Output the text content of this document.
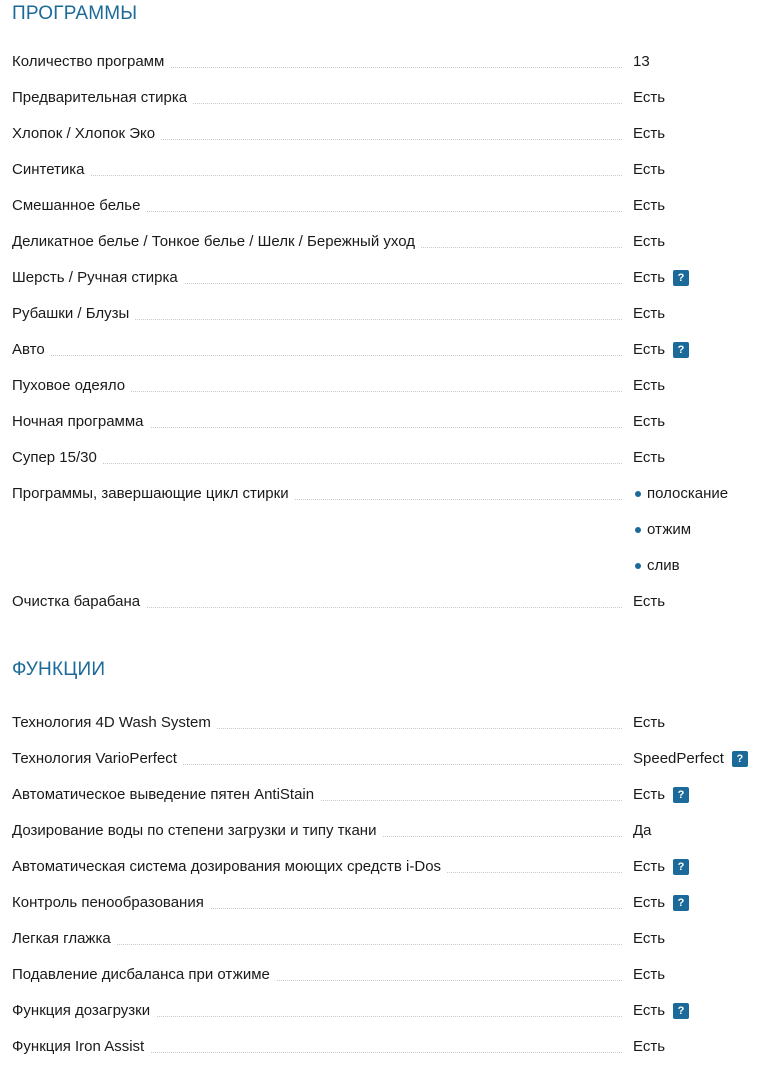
ПРОГРАММЫ
Количество программ	13
Предварительная стирка	Есть
Хлопок / Хлопок Эко	Есть
Синтетика	Есть
Смешанное белье	Есть
Деликатное белье / Тонкое белье / Шелк / Бережный уход	Есть
Шерсть / Ручная стирка	Есть	?
Рубашки / Блузы	Есть
Авто	Есть	?
Пуховое одеяло	Есть
Ночная программа	Есть
Супер 15/30	Есть
Программы, завершающие цикл стирки	полоскание
отжим
слив
Очистка барабана	Есть
ФУНКЦИИ
Технология 4D Wash System	Есть
Технология VarioPerfect	SpeedPerfect	?
Автоматическое выведение пятен AntiStain	Есть	?
Дозирование воды по степени загрузки и типу ткани	Да
Автоматическая система дозирования моющих средств i-Dos	Есть	?
Контроль пенообразования	Есть	?
Легкая глажка	Есть
Подавление дисбаланса при отжиме	Есть
Функция дозагрузки	Есть	?
Функция Iron Assist	Есть
